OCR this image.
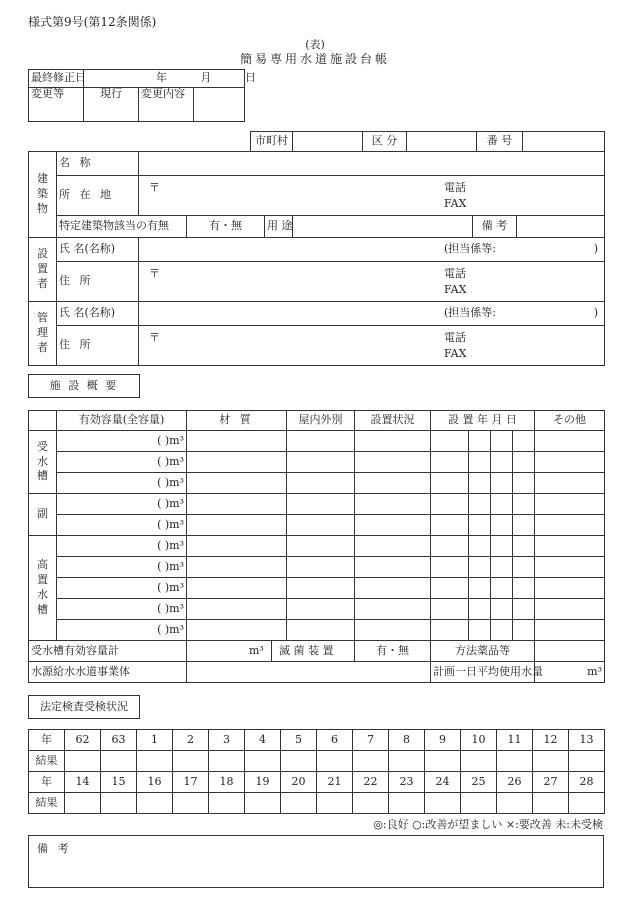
様式第9号(第12条関係)
(表)
簡易専用水道施設台帳
最終修正日	年 月 日		
変更等	現行	変更内容	
市町村		区 分		番 号	
建
築
物	名 称						
	所 在 地	〒 電話
FAX					

	特定建築物該当の有無		有・無	用 途		備 考	
設
置
者	氏 名(名称)	(担当係等: )					

	住 所	〒 電話
FAX					

管
理
者	氏 名(名称)	(担当係等: )					

	住 所	〒 電話
FAX					
施 設 概 要
	有効容量(全容量)	材 質	屋内外別	設置状況	設 置 年 月 日				その他
受
水
槽	( )m³								
	( )m³								
	( )m³								
副	( )m³								
	( )m³								
高
置
水
槽	( )m³								
	( )m³								
	( )m³								
	( )m³								
	( )m³								
受水槽有効容量計		m³ 滅 菌 装 置		有・無	方法薬品等				
水源給水水道事業体					計画一日平均使用水量				m³
法定検査受検状況
年	62	63	1	2	3	4	5	6	7	8	9	10	11	12	13
結果															
年	14	15	16	17	18	19	20	21	22	23	24	25	26	27	28
結果															
◎:良好 ○:改善が望ましい ×:要改善 未:未受検
備 考
